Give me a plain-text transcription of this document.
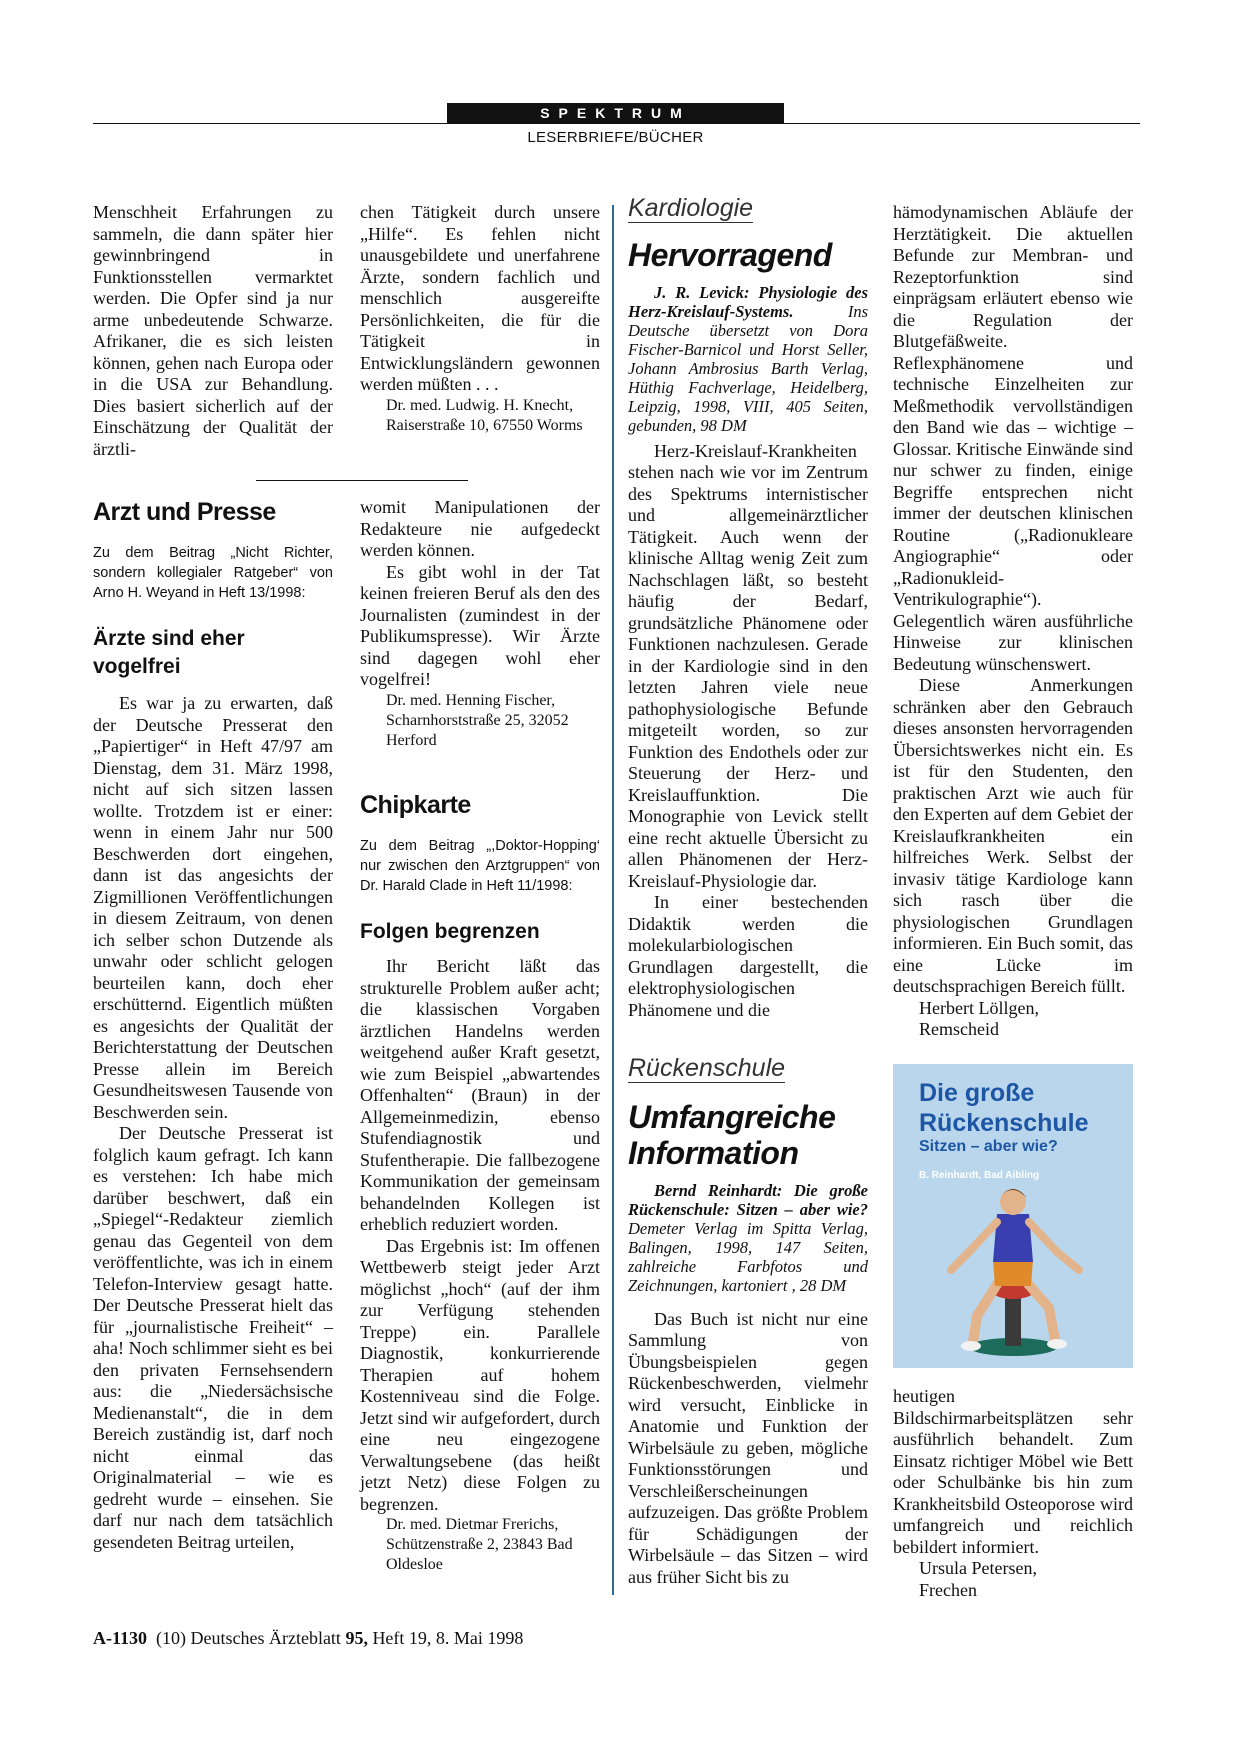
SPEKTRUM
LESERBRIEFE/BÜCHER

Menschheit Erfahrungen zu sammeln, die dann später hier gewinnbringend in Funktionsstellen vermarktet werden. Die Opfer sind ja nur arme unbedeutende Schwarze. Afrikaner, die es sich leisten können, gehen nach Europa oder in die USA zur Behandlung. Dies basiert sicherlich auf der Einschätzung der Qualität der ärztli-

chen Tätigkeit durch unsere „Hilfe“. Es fehlen nicht unausgebildete und unerfahrene Ärzte, sondern fachlich und menschlich ausgereifte Persönlichkeiten, die für die Tätigkeit in Entwicklungsländern gewonnen werden müßten . . .

Dr. med. Ludwig. H. Knecht, Raiserstraße 10, 67550 Worms

Arzt und Presse

Zu dem Beitrag „Nicht Richter, sondern kollegialer Ratgeber“ von Arno H. Weyand in Heft 13/1998:

Ärzte sind eher vogelfrei

Es war ja zu erwarten, daß der Deutsche Presserat den „Papiertiger“ in Heft 47/97 am Dienstag, dem 31. März 1998, nicht auf sich sitzen lassen wollte. Trotzdem ist er einer: wenn in einem Jahr nur 500 Beschwerden dort eingehen, dann ist das angesichts der Zigmillionen Veröffentlichungen in diesem Zeitraum, von denen ich selber schon Dutzende als unwahr oder schlicht gelogen beurteilen kann, doch eher erschütternd. Eigentlich müßten es angesichts der Qualität der Berichterstattung der Deutschen Presse allein im Bereich Gesundheitswesen Tausende von Beschwerden sein.

Der Deutsche Presserat ist folglich kaum gefragt. Ich kann es verstehen: Ich habe mich darüber beschwert, daß ein „Spiegel“-Redakteur ziemlich genau das Gegenteil von dem veröffentlichte, was ich in einem Telefon-Interview gesagt hatte. Der Deutsche Presserat hielt das für „journalistische Freiheit“ – aha! Noch schlimmer sieht es bei den privaten Fernsehsendern aus: die „Niedersächsische Medienanstalt“, die in dem Bereich zuständig ist, darf noch nicht einmal das Originalmaterial – wie es gedreht wurde – einsehen. Sie darf nur nach dem tatsächlich gesendeten Beitrag urteilen,

womit Manipulationen der Redakteure nie aufgedeckt werden können.

Es gibt wohl in der Tat keinen freieren Beruf als den des Journalisten (zumindest in der Publikumspresse). Wir Ärzte sind dagegen wohl eher vogelfrei!

Dr. med. Henning Fischer, Scharnhorststraße 25, 32052 Herford

Chipkarte

Zu dem Beitrag „,Doktor-Hopping‘ nur zwischen den Arztgruppen“ von Dr. Harald Clade in Heft 11/1998:

Folgen begrenzen

Ihr Bericht läßt das strukturelle Problem außer acht; die klassischen Vorgaben ärztlichen Handelns werden weitgehend außer Kraft gesetzt, wie zum Beispiel „abwartendes Offenhalten“ (Braun) in der Allgemeinmedizin, ebenso Stufendiagnostik und Stufentherapie. Die fallbezogene Kommunikation der gemeinsam behandelnden Kollegen ist erheblich reduziert worden.

Das Ergebnis ist: Im offenen Wettbewerb steigt jeder Arzt möglichst „hoch“ (auf der ihm zur Verfügung stehenden Treppe) ein. Parallele Diagnostik, konkurrierende Therapien auf hohem Kostenniveau sind die Folge. Jetzt sind wir aufgefordert, durch eine neu eingezogene Verwaltungsebene (das heißt jetzt Netz) diese Folgen zu begrenzen.

Dr. med. Dietmar Frerichs, Schützenstraße 2, 23843 Bad Oldesloe

Kardiologie
Hervorragend

J. R. Levick: Physiologie des Herz-Kreislauf-Systems. Ins Deutsche übersetzt von Dora Fischer-Barnicol und Horst Seller, Johann Ambrosius Barth Verlag, Hüthig Fachverlage, Heidelberg, Leipzig, 1998, VIII, 405 Seiten, gebunden, 98 DM

Herz-Kreislauf-Krankheiten stehen nach wie vor im Zentrum des Spektrums internistischer und allgemeinärztlicher Tätigkeit. Auch wenn der klinische Alltag wenig Zeit zum Nachschlagen läßt, so besteht häufig der Bedarf, grundsätzliche Phänomene oder Funktionen nachzulesen. Gerade in der Kardiologie sind in den letzten Jahren viele neue pathophysiologische Befunde mitgeteilt worden, so zur Funktion des Endothels oder zur Steuerung der Herz- und Kreislauffunktion. Die Monographie von Levick stellt eine recht aktuelle Übersicht zu allen Phänomenen der Herz-Kreislauf-Physiologie dar.

In einer bestechenden Didaktik werden die molekularbiologischen Grundlagen dargestellt, die elektrophysiologischen Phänomene und die

hämodynamischen Abläufe der Herztätigkeit. Die aktuellen Befunde zur Membran- und Rezeptorfunktion sind einprägsam erläutert ebenso wie die Regulation der Blutgefäßweite. Reflexphänomene und technische Einzelheiten zur Meßmethodik vervollständigen den Band wie das – wichtige – Glossar. Kritische Einwände sind nur schwer zu finden, einige Begriffe entsprechen nicht immer der deutschen klinischen Routine („Radionukleare Angiographie“ oder „Radionukleid-Ventrikulographie“). Gelegentlich wären ausführliche Hinweise zur klinischen Bedeutung wünschenswert.

Diese Anmerkungen schränken aber den Gebrauch dieses ansonsten hervorragenden Übersichtswerkes nicht ein. Es ist für den Studenten, den praktischen Arzt wie auch für den Experten auf dem Gebiet der Kreislaufkrankheiten ein hilfreiches Werk. Selbst der invasiv tätige Kardiologe kann sich rasch über die physiologischen Grundlagen informieren. Ein Buch somit, das eine Lücke im deutschsprachigen Bereich füllt.

Herbert Löllgen,

Remscheid

Rückenschule
Umfangreiche
Information

Bernd Reinhardt: Die große Rückenschule: Sitzen – aber wie? Demeter Verlag im Spitta Verlag, Balingen, 1998, 147 Seiten, zahlreiche Farbfotos und Zeichnungen, kartoniert , 28 DM

Das Buch ist nicht nur eine Sammlung von Übungsbeispielen gegen Rückenbeschwerden, vielmehr wird versucht, Einblicke in Anatomie und Funktion der Wirbelsäule zu geben, mögliche Funktionsstörungen und Verschleißerscheinungen aufzuzeigen. Das größte Problem für Schädigungen der Wirbelsäule – das Sitzen – wird aus früher Sicht bis zu

Die große
Rückenschule
Sitzen – aber wie?
B. Reinhardt, Bad Aibling

heutigen Bildschirmarbeitsplätzen sehr ausführlich behandelt. Zum Einsatz richtiger Möbel wie Bett oder Schulbänke bis hin zum Krankheitsbild Osteoporose wird umfangreich und reichlich bebildert informiert.

Ursula Petersen,

Frechen

A-1130  (10) Deutsches Ärzteblatt 95, Heft 19, 8. Mai 1998
